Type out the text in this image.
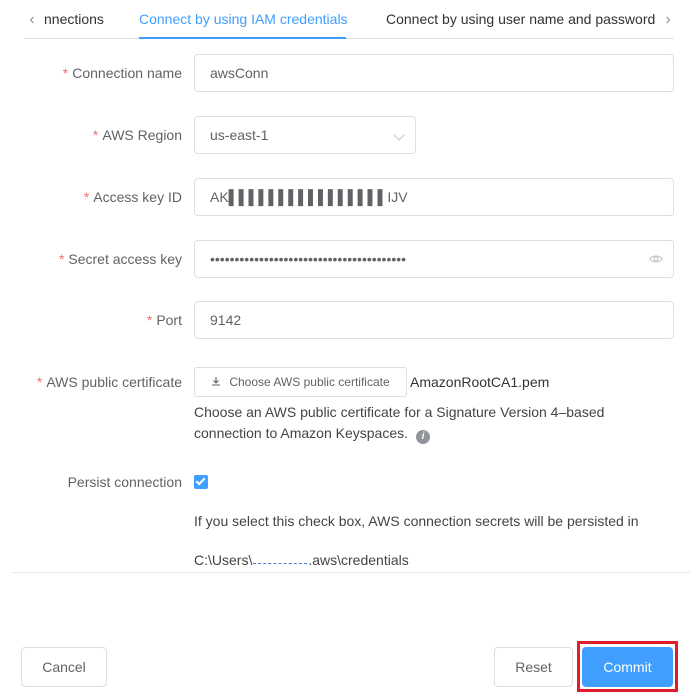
‹ nnections	Connect by using IAM credentials	Connect by using user name and password ›
* Connection name	awsConn
* AWS Region	us-east-1
* Access key ID	AK▌▌▌▌▌▌▌▌▌▌▌▌▌▌▌▌IJV
* Secret access key	••••••••••••••••••••••••••••••••••••••••
* Port	9142
* AWS public certificate	Choose AWS public certificate	AmazonRootCA1.pem
Choose an AWS public certificate for a Signature Version 4–based connection to Amazon Keyspaces. i
Persist connection
If you select this check box, AWS connection secrets will be persisted in
C:\Users\	.aws\credentials
Cancel	Reset	Commit
